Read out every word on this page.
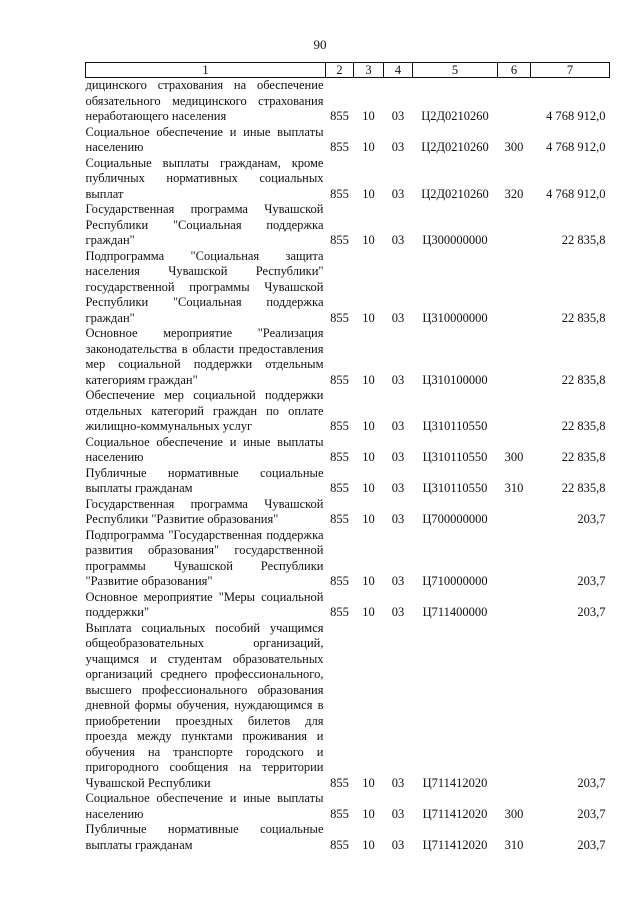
90
1	2	3	4	5	6	7
дицинского страхования на обеспечение обязательного медицинского страхования неработающего населения	855	10	03	Ц2Д0210260		4 768 912,0
Социальное обеспечение и иные выплаты населению	855	10	03	Ц2Д0210260	300	4 768 912,0
Социальные выплаты гражданам, кроме публичных нормативных социальных выплат	855	10	03	Ц2Д0210260	320	4 768 912,0
Государственная программа Чувашской Республики "Социальная поддержка граждан"	855	10	03	Ц300000000		22 835,8
Подпрограмма "Социальная защита населения Чувашской Республики" государственной программы Чувашской Республики "Социальная поддержка граждан"	855	10	03	Ц310000000		22 835,8
Основное мероприятие "Реализация законодательства в области предоставления мер социальной поддержки отдельным категориям граждан"	855	10	03	Ц310100000		22 835,8
Обеспечение мер социальной поддержки отдельных категорий граждан по оплате жилищно-коммунальных услуг	855	10	03	Ц310110550		22 835,8
Социальное обеспечение и иные выплаты населению	855	10	03	Ц310110550	300	22 835,8
Публичные нормативные социальные выплаты гражданам	855	10	03	Ц310110550	310	22 835,8
Государственная программа Чувашской Республики "Развитие образования"	855	10	03	Ц700000000		203,7
Подпрограмма "Государственная поддержка развития образования" государственной программы Чувашской Республики "Развитие образования"	855	10	03	Ц710000000		203,7
Основное мероприятие "Меры социальной поддержки"	855	10	03	Ц711400000		203,7
Выплата социальных пособий учащимся общеобразовательных организаций, учащимся и студентам образовательных организаций среднего профессионального, высшего профессионального образования дневной формы обучения, нуждающимся в приобретении проездных билетов для проезда между пунктами проживания и обучения на транспорте городского и пригородного сообщения на территории Чувашской Республики	855	10	03	Ц711412020		203,7
Социальное обеспечение и иные выплаты населению	855	10	03	Ц711412020	300	203,7
Публичные нормативные социальные выплаты гражданам	855	10	03	Ц711412020	310	203,7
